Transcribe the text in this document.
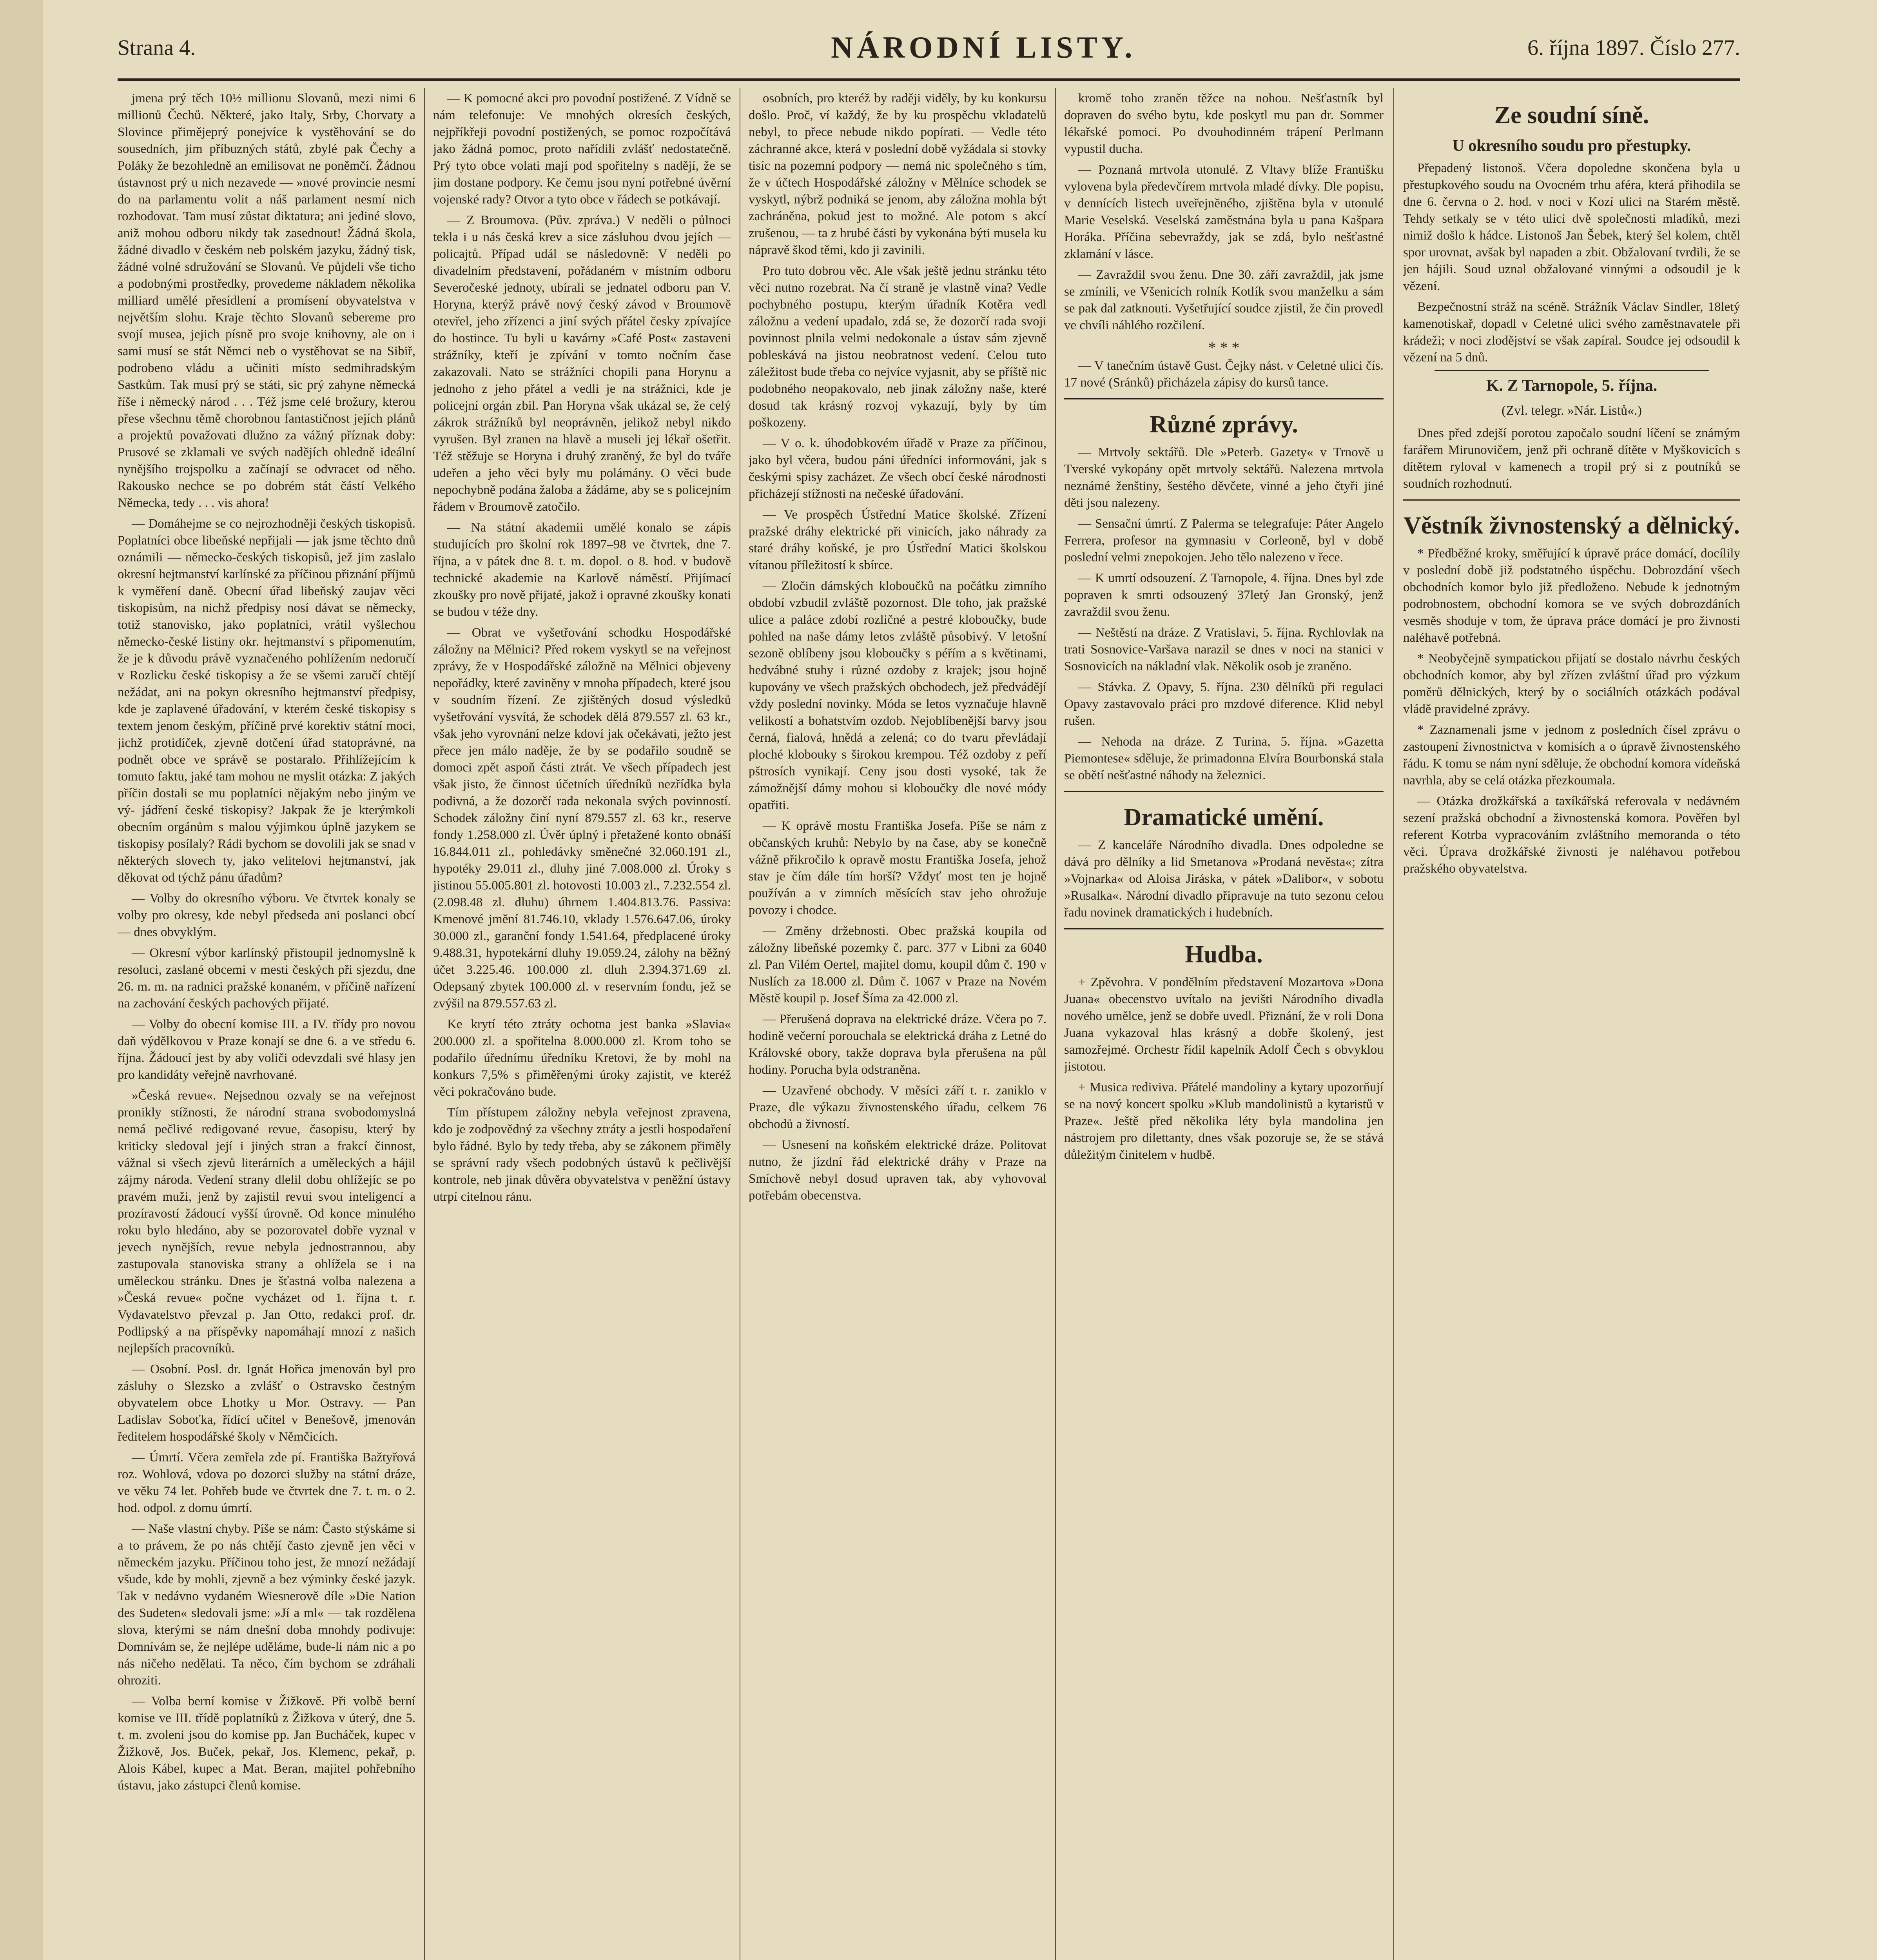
Strana 4.	NÁRODNÍ LISTY.	6. října 1897. Číslo 277.

jmena prý těch 10½ millionu Slovanů, mezi nimi 6 millionů Čechů. Některé, jako Italy, Srby, Chorvaty a Slovince přimějeprý ponejvíce k vystěhování se do sousedních, jim příbuzných států, zbylé pak Čechy a Poláky že bezohledně an emilisovat ne poněmčí. Žádnou ústavnost prý u nich nezavede — »nové provincie nesmí do na parlamentu volit a náš parlament nesmí nich rozhodovat. Tam musí zůstat diktatura; ani jediné slovo, aniž mohou odboru nikdy tak zasednout! Žádná škola, žádné divadlo v českém neb polském jazyku, žádný tisk, žádné volné sdružování se Slovanů. Ve půjdeli vše ticho a podobnými prostředky, provedeme nákladem několika milliard umělé přesídlení a promísení obyvatelstva v největším slohu. Kraje těchto Slovanů sebereme pro svojí musea, jejich písně pro svoje knihovny, ale on i sami musí se stát Němci neb o vystěhovat se na Sibiř, podrobeno vládu a učiniti místo sedmihradským Sastkům. Tak musí prý se státi, sic prý zahyne německá říše i německý národ . . . Též jsme celé brožury, kterou přese všechnu těmě chorobnou fantastičnost jejích plánů a projektů považovati dlužno za vážný příznak doby: Prusové se zklamali ve svých nadějích ohledně ideální nynějšího trojspolku a začínají se odvracet od něho. Rakousko nechce se po dobrém stát částí Velkého Německa, tedy . . . vis ahora!

— Domáhejme se co nejrozhodněji českých tiskopisů. Poplatníci obce libeňské nepřijali — jak jsme těchto dnů oznámili — německo-českých tiskopisů, jež jim zaslalo okresní hejtmanství karlínské za příčinou přiznání příjmů k vyměření daně. Obecní úřad libeňský zaujav věci tiskopisům, na nichž předpisy nosí dávat se německy, totiž stanovisko, jako poplatníci, vrátil vyšlechou německo-české listiny okr. hejtmanství s připomenutím, že je k důvodu právě vyznačeného pohlížením nedoručí v Rozlicku české tiskopisy a že se všemi zaručí chtějí nežádat, ani na pokyn okresního hejtmanství předpisy, kde je zaplavené úřadování, v kterém české tiskopisy s textem jenom českým, příčině prvé korektiv státní moci, jichž protidíček, zjevně dotčení úřad statoprávné, na podnět obce ve správě se postaralo. Přihlížejícím k tomuto faktu, jaké tam mohou ne myslit otázka: Z jakých příčin dostali se mu poplatníci nějakým nebo jiným ve vý- jádření české tiskopisy? Jakpak že je kterýmkoli obecním orgánům s malou výjimkou úplně jazykem se tiskopisy posílaly? Rádi bychom se dovolili jak se snad v některých slovech ty, jako velitelovi hejtmanství, jak děkovat od týchž pánu úřadům?

— Volby do okresního výboru. Ve čtvrtek konaly se volby pro okresy, kde nebyl předseda ani poslanci obcí — dnes obvyklým.

— Okresní výbor karlínský přistoupil jednomyslně k resoluci, zaslané obcemi v mesti českých při sjezdu, dne 26. m. m. na radnici pražské konaném, v příčině nařízení na zachování českých pachových přijaté.

— Volby do obecní komise III. a IV. třídy pro novou daň výdělkovou v Praze konají se dne 6. a ve středu 6. října. Žádoucí jest by aby voliči odevzdali své hlasy jen pro kandidáty veřejně navrhované.

»Česká revue«. Nejsednou ozvaly se na veřejnost pronikly stížnosti, že národní strana svobodomyslná nemá pečlivé redigované revue, časopisu, který by kriticky sledoval její i jiných stran a frakcí činnost, vážnal si všech zjevů literárních a uměleckých a hájil zájmy národa. Vedení strany dlelil dobu ohlížejíc se po pravém muži, jenž by zajistil revui svou inteligencí a prozíravostí žádoucí vyšší úrovně. Od konce minulého roku bylo hledáno, aby se pozorovatel dobře vyznal v jevech nynějších, revue nebyla jednostrannou, aby zastupovala stanoviska strany a ohlížela se i na uměleckou stránku. Dnes je šťastná volba nalezena a »Česká revue« počne vycházet od 1. října t. r. Vydavatelstvo převzal p. Jan Otto, redakci prof. dr. Podlipský a na příspěvky napomáhají mnozí z našich nejlepších pracovníků.

— Osobní. Posl. dr. Ignát Hořica jmenován byl pro zásluhy o Slezsko a zvlášť o Ostravsko čestným obyvatelem obce Lhotky u Mor. Ostravy. — Pan Ladislav Soboťka, řídící učitel v Benešově, jmenován ředitelem hospodářské školy v Němčicích.

— Úmrtí. Včera zemřela zde pí. Františka Bažtyřová roz. Wohlová, vdova po dozorci služby na státní dráze, ve věku 74 let. Pohřeb bude ve čtvrtek dne 7. t. m. o 2. hod. odpol. z domu úmrtí.

— Naše vlastní chyby. Píše se nám: Často stýskáme si a to právem, že po nás chtějí často zjevně jen věci v německém jazyku. Příčinou toho jest, že mnozí nežádají všude, kde by mohli, zjevně a bez výminky české jazyk. Tak v nedávno vydaném Wiesnerově díle »Die Nation des Sudeten« sledovali jsme: »Jí a ml« — tak rozdělena slova, kterými se nám dnešní doba mnohdy podivuje: Domnívám se, že nejlépe uděláme, bude-li nám nic a po nás ničeho nedělati. Ta něco, čím bychom se zdráhali ohroziti.

— Volba berní komise v Žižkově. Při volbě berní komise ve III. třídě poplatníků z Žižkova v úterý, dne 5. t. m. zvoleni jsou do komise pp. Jan Bucháček, kupec v Žižkově, Jos. Buček, pekař, Jos. Klemenc, pekař, p. Alois Kábel, kupec a Mat. Beran, majitel pohřebního ústavu, jako zástupci členů komise.

— K pomocné akci pro povodní postižené. Z Vídně se nám telefonuje: Ve mnohých okresích českých, nejpříkřeji povodní postižených, se pomoc rozpočítává jako žádná pomoc, proto nařídili zvlášť nedostatečně. Prý tyto obce volati mají pod spořitelny s nadějí, že se jim dostane podpory. Ke čemu jsou nyní potřebné úvěrní vojenské rady? Otvor a tyto obce v řádech se potkávají.

— Z Broumova. (Pův. zpráva.) V neděli o půlnoci tekla i u nás česká krev a sice zásluhou dvou jejích — policajtů. Případ udál se následovně: V neděli po divadelním představení, pořádaném v místním odboru Severočeské jednoty, ubírali se jednatel odboru pan V. Horyna, kterýž právě nový český závod v Broumově otevřel, jeho zřízenci a jiní svých přátel česky zpívajíce do hostince. Tu byli u kavárny »Café Post« zastaveni strážníky, kteří je zpívání v tomto nočním čase zakazovali. Nato se strážníci chopili pana Horynu a jednoho z jeho přátel a vedli je na strážnici, kde je policejní orgán zbil. Pan Horyna však ukázal se, že celý zákrok strážníků byl neoprávněn, jelikož nebyl nikdo vyrušen. Byl zranen na hlavě a museli jej lékař ošetřit. Též stěžuje se Horyna i druhý zraněný, že byl do tváře udeřen a jeho věci byly mu polámány. O věci bude nepochybně podána žaloba a žádáme, aby se s policejním řádem v Broumově zatočilo.

— Na státní akademii umělé konalo se zápis studujících pro školní rok 1897–98 ve čtvrtek, dne 7. října, a v pátek dne 8. t. m. dopol. o 8. hod. v budově technické akademie na Karlově náměstí. Přijímací zkoušky pro nově přijaté, jakož i opravné zkoušky konati se budou v téže dny.

— Obrat ve vyšetřování schodku Hospodářské záložny na Mělnici? Před rokem vyskytl se na veřejnost zprávy, že v Hospodářské záložně na Mělnici objeveny nepořádky, které zaviněny v mnoha případech, které jsou v soudním řízení. Ze zjištěných dosud výsledků vyšetřování vysvítá, že schodek dělá 879.557 zl. 63 kr., však jeho vyrovnání nelze kdoví jak očekávati, ježto jest přece jen málo naděje, že by se podařilo soudně se domoci zpět aspoň části ztrát. Ve všech případech jest však jisto, že činnost účetních úředníků nezřídka byla podivná, a že dozorčí rada nekonala svých povinností. Schodek záložny činí nyní 879.557 zl. 63 kr., reserve fondy 1.258.000 zl. Úvěr úplný i přetažené konto obnáší 16.844.011 zl., pohledávky směnečné 32.060.191 zl., hypotéky 29.011 zl., dluhy jiné 7.008.000 zl. Úroky s jistinou 55.005.801 zl. hotovosti 10.003 zl., 7.232.554 zl. (2.098.48 zl. dluhu) úhrnem 1.404.813.76. Passiva: Kmenové jmění 81.746.10, vklady 1.576.647.06, úroky 30.000 zl., garanční fondy 1.541.64, předplacené úroky 9.488.31, hypotekární dluhy 19.059.24, zálohy na běžný účet 3.225.46. 100.000 zl. dluh 2.394.371.69 zl. Odepsaný zbytek 100.000 zl. v reservním fondu, jež se zvýšil na 879.557.63 zl.

Ke krytí této ztráty ochotna jest banka »Slavia« 200.000 zl. a spořitelna 8.000.000 zl. Krom toho se podařilo úřednímu úředníku Kretovi, že by mohl na konkurs 7,5% s přiměřenými úroky zajistit, ve kteréž věci pokračováno bude.

Tím přístupem záložny nebyla veřejnost zpravena, kdo je zodpovědný za všechny ztráty a jestli hospodaření bylo řádné. Bylo by tedy třeba, aby se zákonem přiměly se správní rady všech podobných ústavů k pečlivější kontrole, neb jinak důvěra obyvatelstva v peněžní ústavy utrpí citelnou ránu.

osobních, pro kteréž by raději viděly, by ku konkursu došlo. Proč, ví každý, že by ku prospěchu vkladatelů nebyl, to přece nebude nikdo popírati. — Vedle této záchranné akce, která v poslední době vyžádala si stovky tisíc na pozemní podpory — nemá nic společného s tím, že v účtech Hospodářské záložny v Mělníce schodek se vyskytl, nýbrž podniká se jenom, aby záložna mohla být zachráněna, pokud jest to možné. Ale potom s akcí zrušenou, — ta z hrubé části by vykonána býti musela ku nápravě škod těmi, kdo ji zavinili.

Pro tuto dobrou věc. Ale však ještě jednu stránku této věci nutno rozebrat. Na čí straně je vlastně vina? Vedle pochybného postupu, kterým úřadník Kotěra vedl záložnu a vedení upadalo, zdá se, že dozorčí rada svoji povinnost plnila velmi nedokonale a ústav sám zjevně pobleskává na jistou neobratnost vedení. Celou tuto záležitost bude třeba co nejvíce vyjasnit, aby se příště nic podobného neopakovalo, neb jinak záložny naše, které dosud tak krásný rozvoj vykazují, byly by tím poškozeny.

— V o. k. úhodobkovém úřadě v Praze za příčinou, jako byl včera, budou páni úředníci informováni, jak s českými spisy zacházet. Ze všech obcí české národnosti přicházejí stížnosti na nečeské úřadování.

— Ve prospěch Ústřední Matice školské. Zřízení pražské dráhy elektrické při vinicích, jako náhrady za staré dráhy koňské, je pro Ústřední Matici školskou vítanou příležitostí k sbírce.

— Zločin dámských kloboučků na počátku zimního období vzbudil zvláště pozornost. Dle toho, jak pražské ulice a paláce zdobí rozličné a pestré kloboučky, bude pohled na naše dámy letos zvláště působivý. V letošní sezoně oblíbeny jsou kloboučky s péřím a s květinami, hedvábné stuhy i různé ozdoby z krajek; jsou hojně kupovány ve všech pražských obchodech, jež předvádějí vždy poslední novinky. Móda se letos vyznačuje hlavně velikostí a bohatstvím ozdob. Nejoblíbenější barvy jsou černá, fialová, hnědá a zelená; co do tvaru převládají ploché klobouky s širokou krempou. Též ozdoby z peří pštrosích vynikají. Ceny jsou dosti vysoké, tak že zámožnější dámy mohou si kloboučky dle nové módy opatřiti.

— K oprávě mostu Františka Josefa. Píše se nám z občanských kruhů: Nebylo by na čase, aby se konečně vážně přikročilo k opravě mostu Františka Josefa, jehož stav je čím dále tím horší? Vždyť most ten je hojně používán a v zimních měsících stav jeho ohrožuje povozy i chodce.

— Změny držebnosti. Obec pražská koupila od záložny libeňské pozemky č. parc. 377 v Libni za 6040 zl. Pan Vilém Oertel, majitel domu, koupil dům č. 190 v Nuslích za 18.000 zl. Dům č. 1067 v Praze na Novém Městě koupil p. Josef Šíma za 42.000 zl.

— Přerušená doprava na elektrické dráze. Včera po 7. hodině večerní porouchala se elektrická dráha z Letné do Královské obory, takže doprava byla přerušena na půl hodiny. Porucha byla odstraněna.

— Uzavřené obchody. V měsíci září t. r. zaniklo v Praze, dle výkazu živnostenského úřadu, celkem 76 obchodů a živností.

— Usnesení na koňském elektrické dráze. Politovat nutno, že jízdní řád elektrické dráhy v Praze na Smíchově nebyl dosud upraven tak, aby vyhovoval potřebám obecenstva.

kromě toho zraněn těžce na nohou. Nešťastník byl dopraven do svého bytu, kde poskytl mu pan dr. Sommer lékařské pomoci. Po dvouhodinném trápení Perlmann vypustil ducha.

— Poznaná mrtvola utonulé. Z Vltavy blíže Františku vylovena byla předevčírem mrtvola mladé dívky. Dle popisu, v dennících listech uveřejněného, zjištěna byla v utonulé Marie Veselská. Veselská zaměstnána byla u pana Kašpara Horáka. Příčina sebevraždy, jak se zdá, bylo nešťastné zklamání v lásce.

— Zavraždil svou ženu. Dne 30. září zavraždil, jak jsme se zmínili, ve Všenicích rolník Kotlík svou manželku a sám se pak dal zatknouti. Vyšetřující soudce zjistil, že čin provedl ve chvíli náhlého rozčilení.

* * *

— V tanečním ústavě Gust. Čejky nást. v Celetné ulici čís. 17 nové (Sránků) přicházela zápisy do kursů tance.

Různé zprávy.

— Mrtvoly sektářů. Dle »Peterb. Gazety« v Trnově u Tverské vykopány opět mrtvoly sektářů. Nalezena mrtvola neznámé ženštiny, šestého děvčete, vinné a jeho čtyři jiné děti jsou nalezeny.

— Sensační úmrtí. Z Palerma se telegrafuje: Páter Angelo Ferrera, profesor na gymnasiu v Corleoně, byl v době poslední velmi znepokojen. Jeho tělo nalezeno v řece.

— K umrtí odsouzení. Z Tarnopole, 4. října. Dnes byl zde popraven k smrti odsouzený 37letý Jan Gronský, jenž zavraždil svou ženu.

— Neštěstí na dráze. Z Vratislavi, 5. října. Rychlovlak na trati Sosnovice-Varšava narazil se dnes v noci na stanici v Sosnovicích na nákladní vlak. Několik osob je zraněno.

— Stávka. Z Opavy, 5. října. 230 dělníků při regulaci Opavy zastavovalo práci pro mzdové diference. Klid nebyl rušen.

— Nehoda na dráze. Z Turina, 5. října. »Gazetta Piemontese« sděluje, že primadonna Elvíra Bourbonská stala se obětí nešťastné náhody na železnici.

Dramatické umění.

— Z kanceláře Národního divadla. Dnes odpoledne se dává pro dělníky a lid Smetanova »Prodaná nevěsta«; zítra »Vojnarka« od Aloisa Jiráska, v pátek »Dalibor«, v sobotu »Rusalka«. Národní divadlo připravuje na tuto sezonu celou řadu novinek dramatických i hudebních.

Hudba.

+ Zpěvohra. V pondělním představení Mozartova »Dona Juana« obecenstvo uvítalo na jevišti Národního divadla nového umělce, jenž se dobře uvedl. Přiznání, že v roli Dona Juana vykazoval hlas krásný a dobře školený, jest samozřejmé. Orchestr řídil kapelník Adolf Čech s obvyklou jistotou.

+ Musica rediviva. Přátelé mandoliny a kytary upozorňují se na nový koncert spolku »Klub mandolinistů a kytaristů v Praze«. Ještě před několika léty byla mandolina jen nástrojem pro dilettanty, dnes však pozoruje se, že se stává důležitým činitelem v hudbě.

Ze soudní síně.
U okresního soudu pro přestupky.

Přepadený listonoš. Včera dopoledne skončena byla u přestupkového soudu na Ovocném trhu aféra, která přihodila se dne 6. června o 2. hod. v noci v Kozí ulici na Starém městě. Tehdy setkaly se v této ulici dvě společnosti mladíků, mezi nimiž došlo k hádce. Listonoš Jan Šebek, který šel kolem, chtěl spor urovnat, avšak byl napaden a zbit. Obžalovaní tvrdili, že se jen hájili. Soud uznal obžalované vinnými a odsoudil je k vězení.

Bezpečnostní stráž na scéně. Strážník Václav Sindler, 18letý kamenotiskař, dopadl v Celetné ulici svého zaměstnavatele při krádeži; v noci zlodějství se však zapíral. Soudce jej odsoudil k vězení na 5 dnů.

K. Z Tarnopole, 5. října.
(Zvl. telegr. »Nár. Listů«.)

Dnes před zdejší porotou započalo soudní líčení se známým farářem Mirunovičem, jenž při ochraně dítěte v Myškovicích s dítětem ryloval v kamenech a tropil prý si z poutníků se soudních rozhodnutí.

Věstník živnostenský a dělnický.

* Předběžné kroky, směřující k úpravě práce domácí, docílily v poslední době již podstatného úspěchu. Dobrozdání všech obchodních komor bylo již předloženo. Nebude k jednotným podrobnostem, obchodní komora se ve svých dobrozdáních vesměs shoduje v tom, že úprava práce domácí je pro živnosti naléhavě potřebná.

* Neobyčejně sympatickou přijatí se dostalo návrhu českých obchodních komor, aby byl zřízen zvláštní úřad pro výzkum poměrů dělnických, který by o sociálních otázkách podával vládě pravidelné zprávy.

* Zaznamenali jsme v jednom z posledních čísel zprávu o zastoupení živnostnictva v komisích a o úpravě živnostenského řádu. K tomu se nám nyní sděluje, že obchodní komora vídeňská navrhla, aby se celá otázka přezkoumala.

— Otázka drožkářská a taxíkářská referovala v nedávném sezení pražská obchodní a živnostenská komora. Pověřen byl referent Kotrba vypracováním zvláštního memoranda o této věci. Úprava drožkářské živnosti je naléhavou potřebou pražského obyvatelstva.
